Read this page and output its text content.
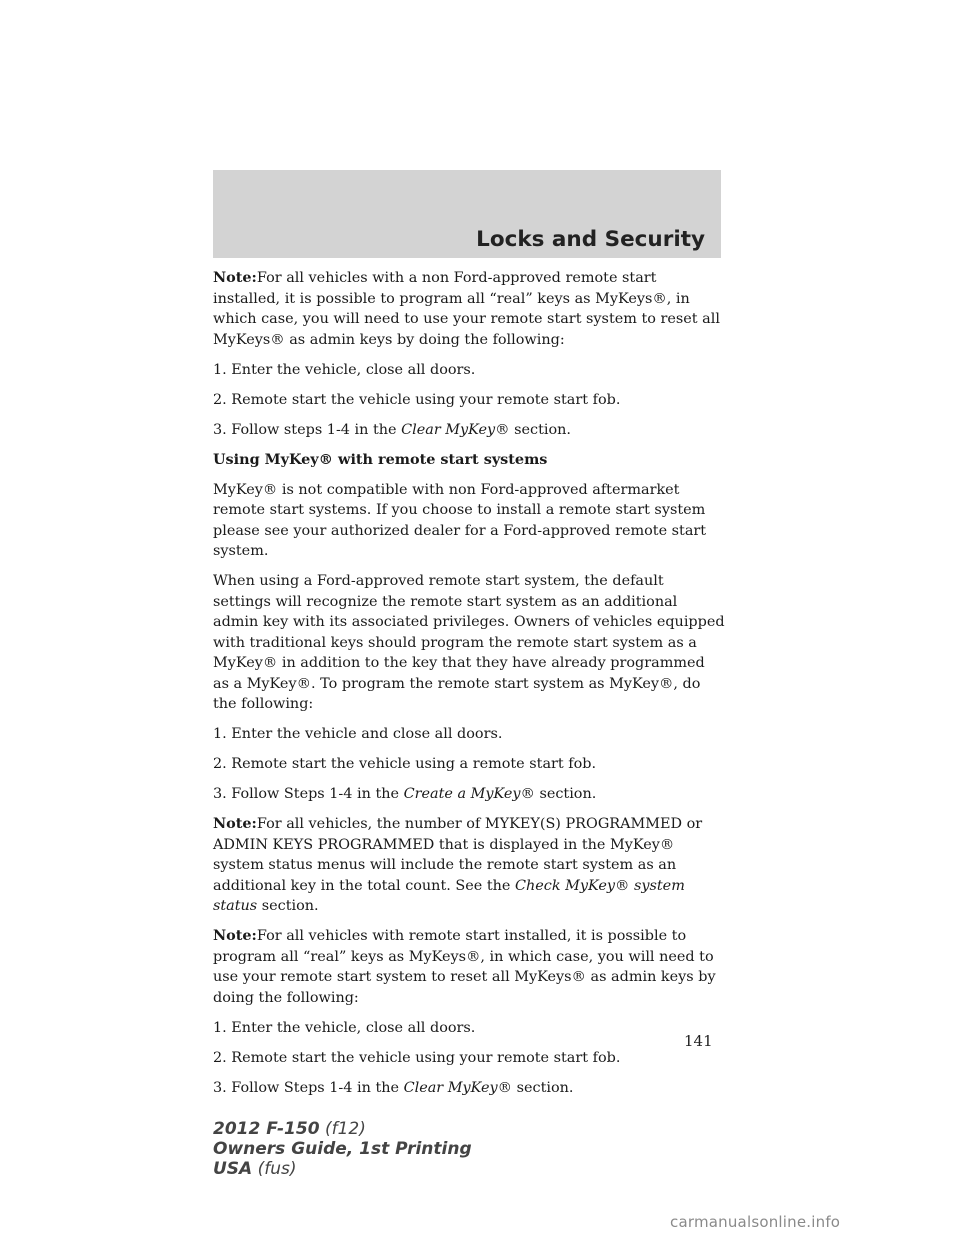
Locks and Security

Note:For all vehicles with a non Ford-approved remote start installed, it is possible to program all “real” keys as MyKeys®, in which case, you will need to use your remote start system to reset all MyKeys® as admin keys by doing the following:

1. Enter the vehicle, close all doors.

2. Remote start the vehicle using your remote start fob.

3. Follow steps 1-4 in the Clear MyKey® section.

Using MyKey® with remote start systems

MyKey® is not compatible with non Ford-approved aftermarket remote start systems. If you choose to install a remote start system please see your authorized dealer for a Ford-approved remote start system.

When using a Ford-approved remote start system, the default settings will recognize the remote start system as an additional admin key with its associated privileges. Owners of vehicles equipped with traditional keys should program the remote start system as a MyKey® in addition to the key that they have already programmed as a MyKey®. To program the remote start system as MyKey®, do the following:

1. Enter the vehicle and close all doors.

2. Remote start the vehicle using a remote start fob.

3. Follow Steps 1-4 in the Create a MyKey® section.

Note:For all vehicles, the number of MYKEY(S) PROGRAMMED or ADMIN KEYS PROGRAMMED that is displayed in the MyKey® system status menus will include the remote start system as an additional key in the total count. See the Check MyKey® system status section.

Note:For all vehicles with remote start installed, it is possible to program all “real” keys as MyKeys®, in which case, you will need to use your remote start system to reset all MyKeys® as admin keys by doing the following:

1. Enter the vehicle, close all doors.

2. Remote start the vehicle using your remote start fob.

3. Follow Steps 1-4 in the Clear MyKey® section.

141
2012 F-150 (f12)
Owners Guide, 1st Printing
USA (fus)
carmanualsonline.info
